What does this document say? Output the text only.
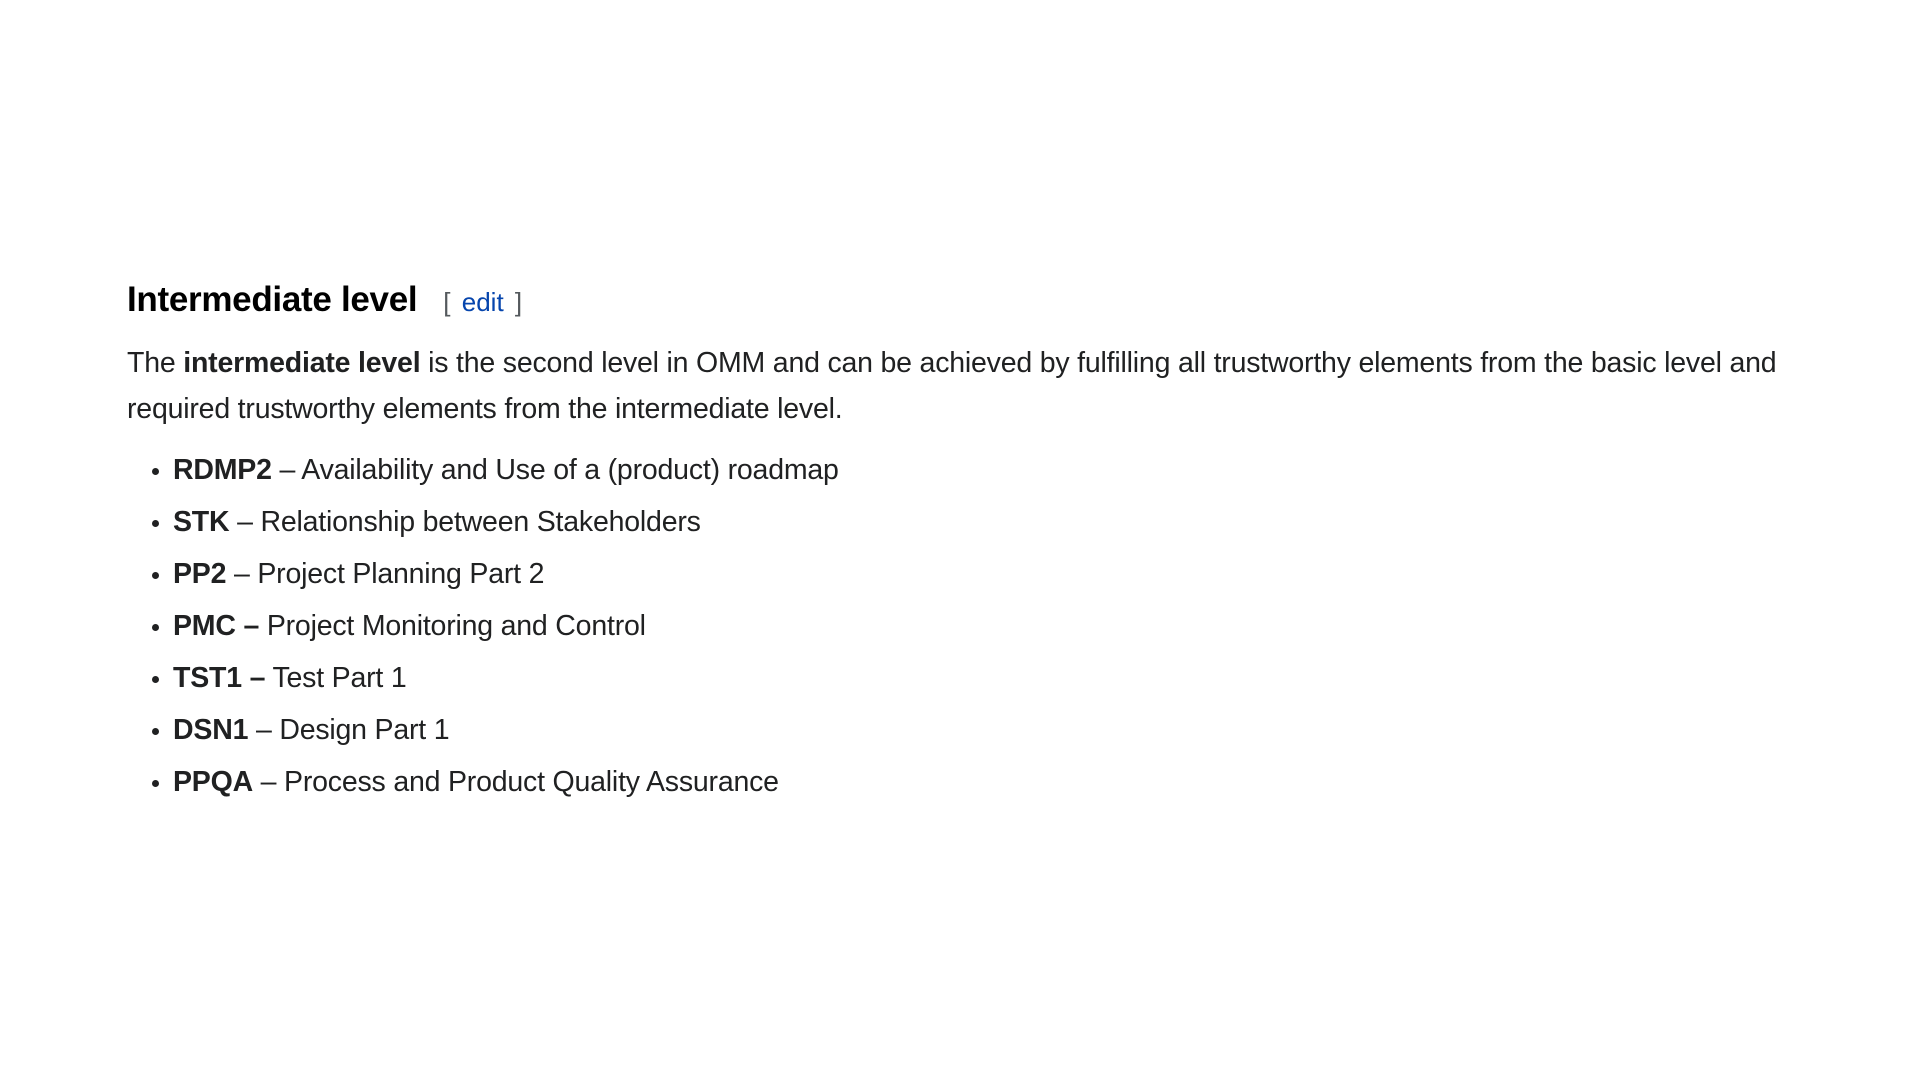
Intermediate level [ edit ]

The intermediate level is the second level in OMM and can be achieved by fulfilling all trustworthy elements from the basic level and required trustworthy elements from the intermediate level.

RDMP2 – Availability and Use of a (product) roadmap
STK – Relationship between Stakeholders
PP2 – Project Planning Part 2
PMC – Project Monitoring and Control
TST1 – Test Part 1
DSN1 – Design Part 1
PPQA – Process and Product Quality Assurance
